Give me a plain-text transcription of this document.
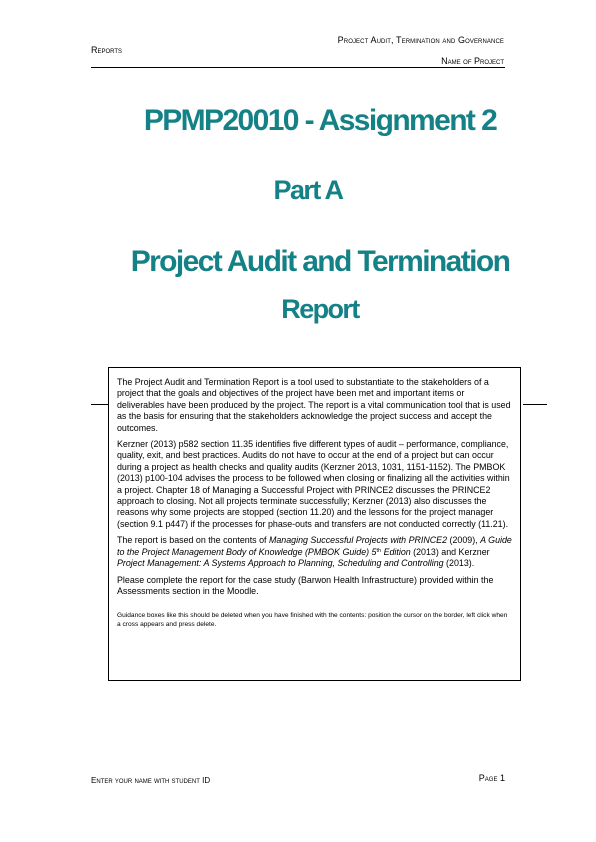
Project Audit, Termination and Governance
Reports
Name of Project
PPMP20010 - Assignment 2
Part A
Project Audit and Termination
Report

The Project Audit and Termination Report is a tool used to substantiate to the stakeholders of a project that the goals and objectives of the project have been met and important items or deliverables have been produced by the project. The report is a vital communication tool that is used as the basis for ensuring that the stakeholders acknowledge the project success and accept the outcomes.

Kerzner (2013) p582 section 11.35 identifies five different types of audit – performance, compliance, quality, exit, and best practices. Audits do not have to occur at the end of a project but can occur during a project as health checks and quality audits (Kerzner 2013, 1031, 1151-1152). The PMBOK (2013) p100-104 advises the process to be followed when closing or finalizing all the activities within a project. Chapter 18 of Managing a Successful Project with PRINCE2 discusses the PRINCE2 approach to closing. Not all projects terminate successfully; Kerzner (2013) also discusses the reasons why some projects are stopped (section 11.20) and the lessons for the project manager (section 9.1 p447) if the processes for phase-outs and transfers are not conducted correctly (11.21).

The report is based on the contents of Managing Successful Projects with PRINCE2 (2009), A Guide to the Project Management Body of Knowledge (PMBOK Guide) 5th Edition (2013) and Kerzner Project Management: A Systems Approach to Planning, Scheduling and Controlling (2013).

Please complete the report for the case study (Barwon Health Infrastructure) provided within the Assessments section in the Moodle.

Guidance boxes like this should be deleted when you have finished with the contents: position the cursor on the border, left click when a cross appears and press delete.

Enter your name with student ID	Page 1
